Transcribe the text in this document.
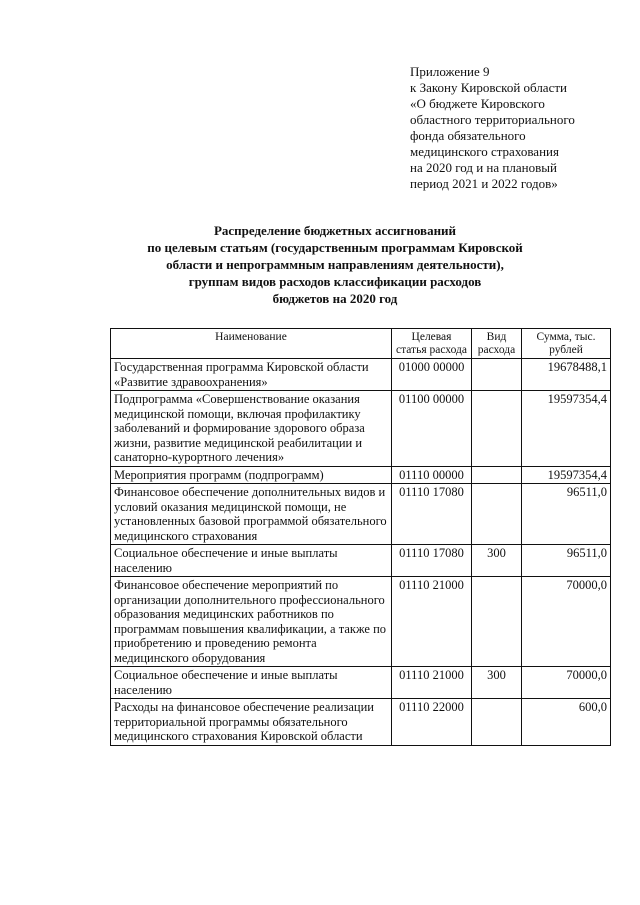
Приложение 9
к Закону Кировской области
«О бюджете Кировского
областного территориального
фонда обязательного
медицинского страхования
на 2020 год и на плановый
период 2021 и 2022 годов»
Распределение бюджетных ассигнований
по целевым статьям (государственным программам Кировской
области и непрограммным направлениям деятельности),
группам видов расходов классификации расходов
бюджетов на 2020 год
Наименование	Целевая статья расхода	Вид расхода	Сумма, тыс. рублей
Государственная программа Кировской области «Развитие здравоохранения»	01000 00000		19678488,1
Подпрограмма «Совершенствование оказания медицинской помощи, включая профилактику заболеваний и формирование здорового образа жизни, развитие медицинской реабилитации и санаторно-курортного лечения»	01100 00000		19597354,4
Мероприятия программ (подпрограмм)	01110 00000		19597354,4
Финансовое обеспечение дополнительных видов и условий оказания медицинской помощи, не установленных базовой программой обязательного медицинского страхования	01110 17080		96511,0
Социальное обеспечение и иные выплаты населению	01110 17080	300	96511,0
Финансовое обеспечение мероприятий по организации дополнительного профессионального образования медицинских работников по программам повышения квалификации, а также по приобретению и проведению ремонта медицинского оборудования	01110 21000		70000,0
Социальное обеспечение и иные выплаты населению	01110 21000	300	70000,0
Расходы на финансовое обеспечение реализации территориальной программы обязательного медицинского страхования Кировской области	01110 22000		600,0
